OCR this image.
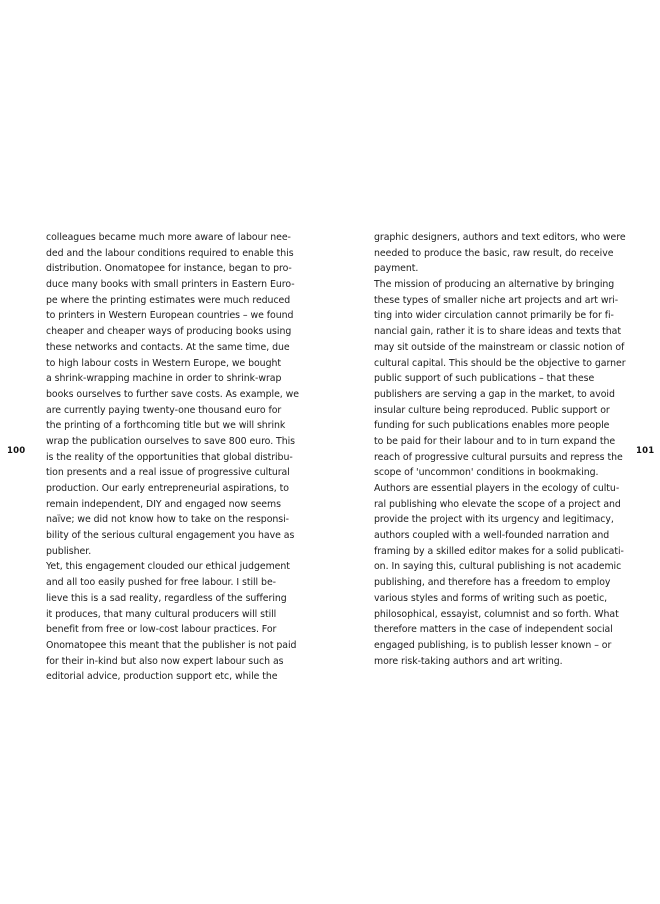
100
colleagues became much more aware of labour nee-
ded and the labour conditions required to enable this
distribution. Onomatopee for instance, began to pro-
duce many books with small printers in Eastern Euro-
pe where the printing estimates were much reduced
to printers in Western European countries – we found
cheaper and cheaper ways of producing books using
these networks and contacts. At the same time, due
to high labour costs in Western Europe, we bought
a shrink-wrapping machine in order to shrink-wrap
books ourselves to further save costs. As example, we
are currently paying twenty-one thousand euro for
the printing of a forthcoming title but we will shrink
wrap the publication ourselves to save 800 euro. This
is the reality of the opportunities that global distribu-
tion presents and a real issue of progressive cultural
production. Our early entrepreneurial aspirations, to
remain independent, DIY and engaged now seems
naïve; we did not know how to take on the responsi-
bility of the serious cultural engagement you have as
publisher.
Yet, this engagement clouded our ethical judgement
and all too easily pushed for free labour. I still be-
lieve this is a sad reality, regardless of the suffering
it produces, that many cultural producers will still
benefit from free or low-cost labour practices. For
Onomatopee this meant that the publisher is not paid
for their in-kind but also now expert labour such as
editorial advice, production support etc, while the
graphic designers, authors and text editors, who were
needed to produce the basic, raw result, do receive
payment.
The mission of producing an alternative by bringing
these types of smaller niche art projects and art wri-
ting into wider circulation cannot primarily be for fi-
nancial gain, rather it is to share ideas and texts that
may sit outside of the mainstream or classic notion of
cultural capital. This should be the objective to garner
public support of such publications – that these
publishers are serving a gap in the market, to avoid
insular culture being reproduced. Public support or
funding for such publications enables more people
to be paid for their labour and to in turn expand the
reach of progressive cultural pursuits and repress the
scope of 'uncommon' conditions in bookmaking.
Authors are essential players in the ecology of cultu-
ral publishing who elevate the scope of a project and
provide the project with its urgency and legitimacy,
authors coupled with a well-founded narration and
framing by a skilled editor makes for a solid publicati-
on. In saying this, cultural publishing is not academic
publishing, and therefore has a freedom to employ
various styles and forms of writing such as poetic,
philosophical, essayist, columnist and so forth. What
therefore matters in the case of independent social
engaged publishing, is to publish lesser known – or
more risk-taking authors and art writing.
101
